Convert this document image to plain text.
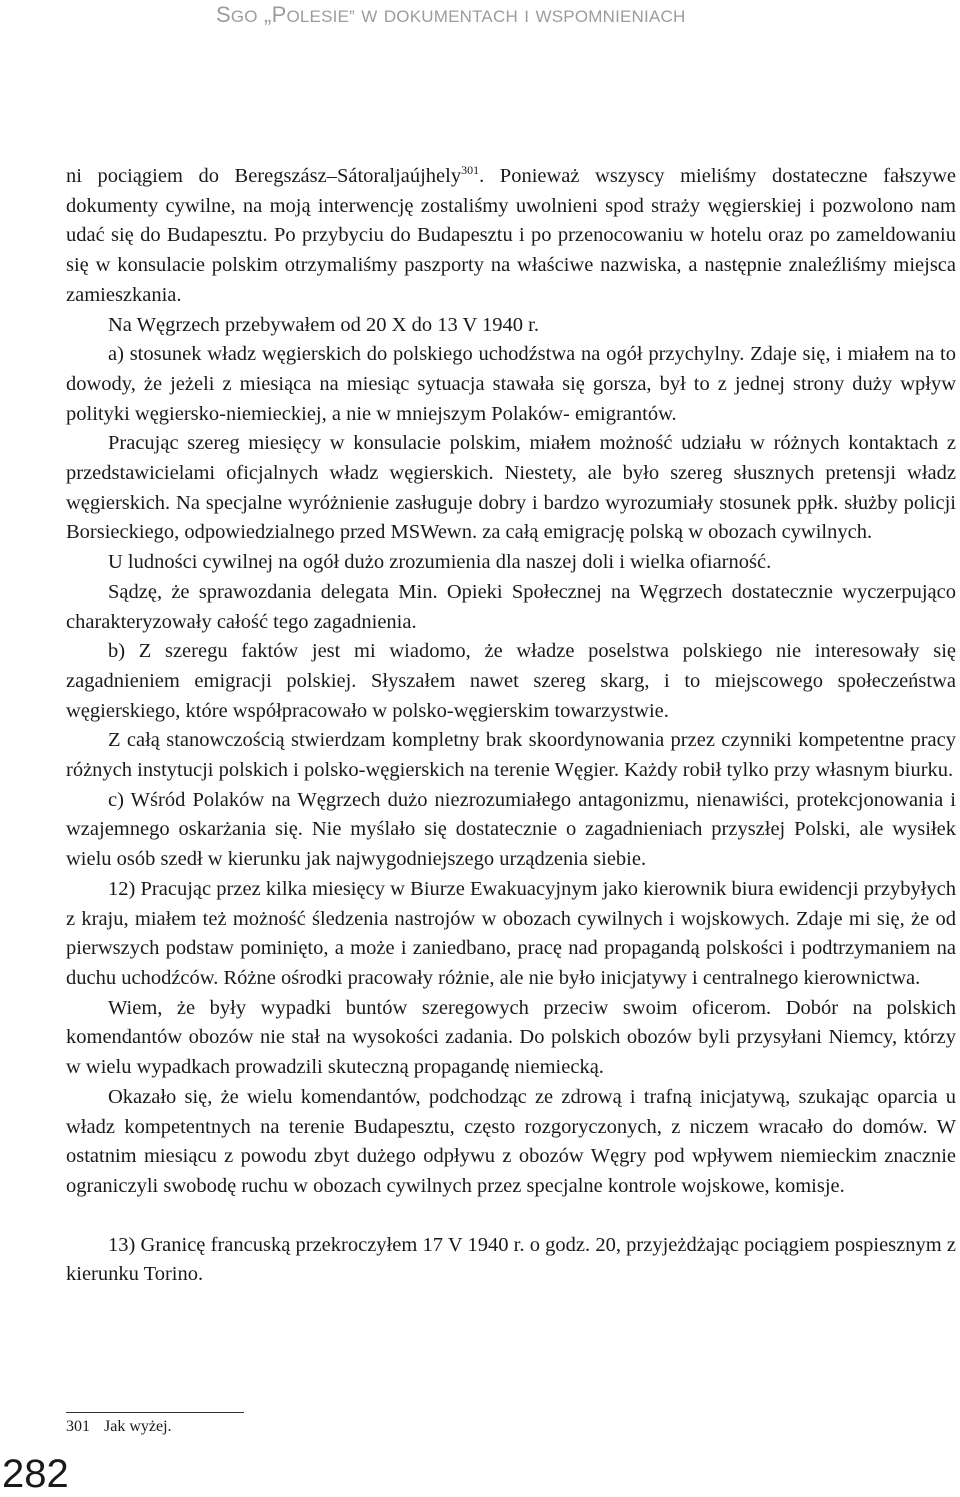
SGO „POLESIE” W DOKUMENTACH I WSPOMNIENIACH

ni pociągiem do Beregszász–Sátoraljaújhely$^{301}$. Ponieważ wszyscy mieliśmy dostateczne fałszywe dokumenty cywilne, na moją interwencję zostaliśmy uwolnieni spod straży węgierskiej i pozwolono nam udać się do Budapesztu. Po przybyciu do Budapesztu i po przenocowaniu w hotelu oraz po zameldowaniu się w konsulacie polskim otrzymaliśmy paszporty na właściwe nazwiska, a następnie znaleźliśmy miejsca zamieszkania.

Na Węgrzech przebywałem od 20 X do 13 V 1940 r.

a) stosunek władz węgierskich do polskiego uchodźstwa na ogół przychylny. Zdaje się, i miałem na to dowody, że jeżeli z miesiąca na miesiąc sytuacja stawała się gorsza, był to z jednej strony duży wpływ polityki węgiersko-niemieckiej, a nie w mniejszym Polaków- emigrantów.

Pracując szereg miesięcy w konsulacie polskim, miałem możność udziału w różnych kontaktach z przedstawicielami oficjalnych władz węgierskich. Niestety, ale było szereg słusznych pretensji władz węgierskich. Na specjalne wyróżnienie zasługuje dobry i bardzo wyrozumiały stosunek ppłk. służby policji Borsieckiego, odpowiedzialnego przed MSWewn. za całą emigrację polską w obozach cywilnych.

U ludności cywilnej na ogół dużo zrozumienia dla naszej doli i wielka ofiarność.

Sądzę, że sprawozdania delegata Min. Opieki Społecznej na Węgrzech dostatecznie wyczerpująco charakteryzowały całość tego zagadnienia.

b) Z szeregu faktów jest mi wiadomo, że władze poselstwa polskiego nie interesowały się zagadnieniem emigracji polskiej. Słyszałem nawet szereg skarg, i to miejscowego społeczeństwa węgierskiego, które współpracowało w polsko-węgierskim towarzystwie.

Z całą stanowczością stwierdzam kompletny brak skoordynowania przez czynniki kompetentne pracy różnych instytucji polskich i polsko-węgierskich na terenie Węgier. Każdy robił tylko przy własnym biurku.

c) Wśród Polaków na Węgrzech dużo niezrozumiałego antagonizmu, nienawiści, protekcjonowania i wzajemnego oskarżania się. Nie myślało się dostatecznie o zagadnieniach przyszłej Polski, ale wysiłek wielu osób szedł w kierunku jak najwygodniejszego urządzenia siebie.

12) Pracując przez kilka miesięcy w Biurze Ewakuacyjnym jako kierownik biura ewidencji przybyłych z kraju, miałem też możność śledzenia nastrojów w obozach cywilnych i wojskowych. Zdaje mi się, że od pierwszych podstaw pominięto, a może i zaniedbano, pracę nad propagandą polskości i podtrzymaniem na duchu uchodźców. Różne ośrodki pracowały różnie, ale nie było inicjatywy i centralnego kierownictwa.

Wiem, że były wypadki buntów szeregowych przeciw swoim oficerom. Dobór na polskich komendantów obozów nie stał na wysokości zadania. Do polskich obozów byli przysyłani Niemcy, którzy w wielu wypadkach prowadzili skuteczną propagandę niemiecką.

Okazało się, że wielu komendantów, podchodząc ze zdrową i trafną inicjatywą, szukając oparcia u władz kompetentnych na terenie Budapesztu, często rozgoryczonych, z niczem wracało do domów. W ostatnim miesiącu z powodu zbyt dużego odpływu z obozów Węgry pod wpływem niemieckim znacznie ograniczyli swobodę ruchu w obozach cywilnych przez specjalne kontrole wojskowe, komisje.

13) Granicę francuską przekroczyłem 17 V 1940 r. o godz. 20, przyjeżdżając pociągiem pospiesznym z kierunku Torino.

301 Jak wyżej.
282
